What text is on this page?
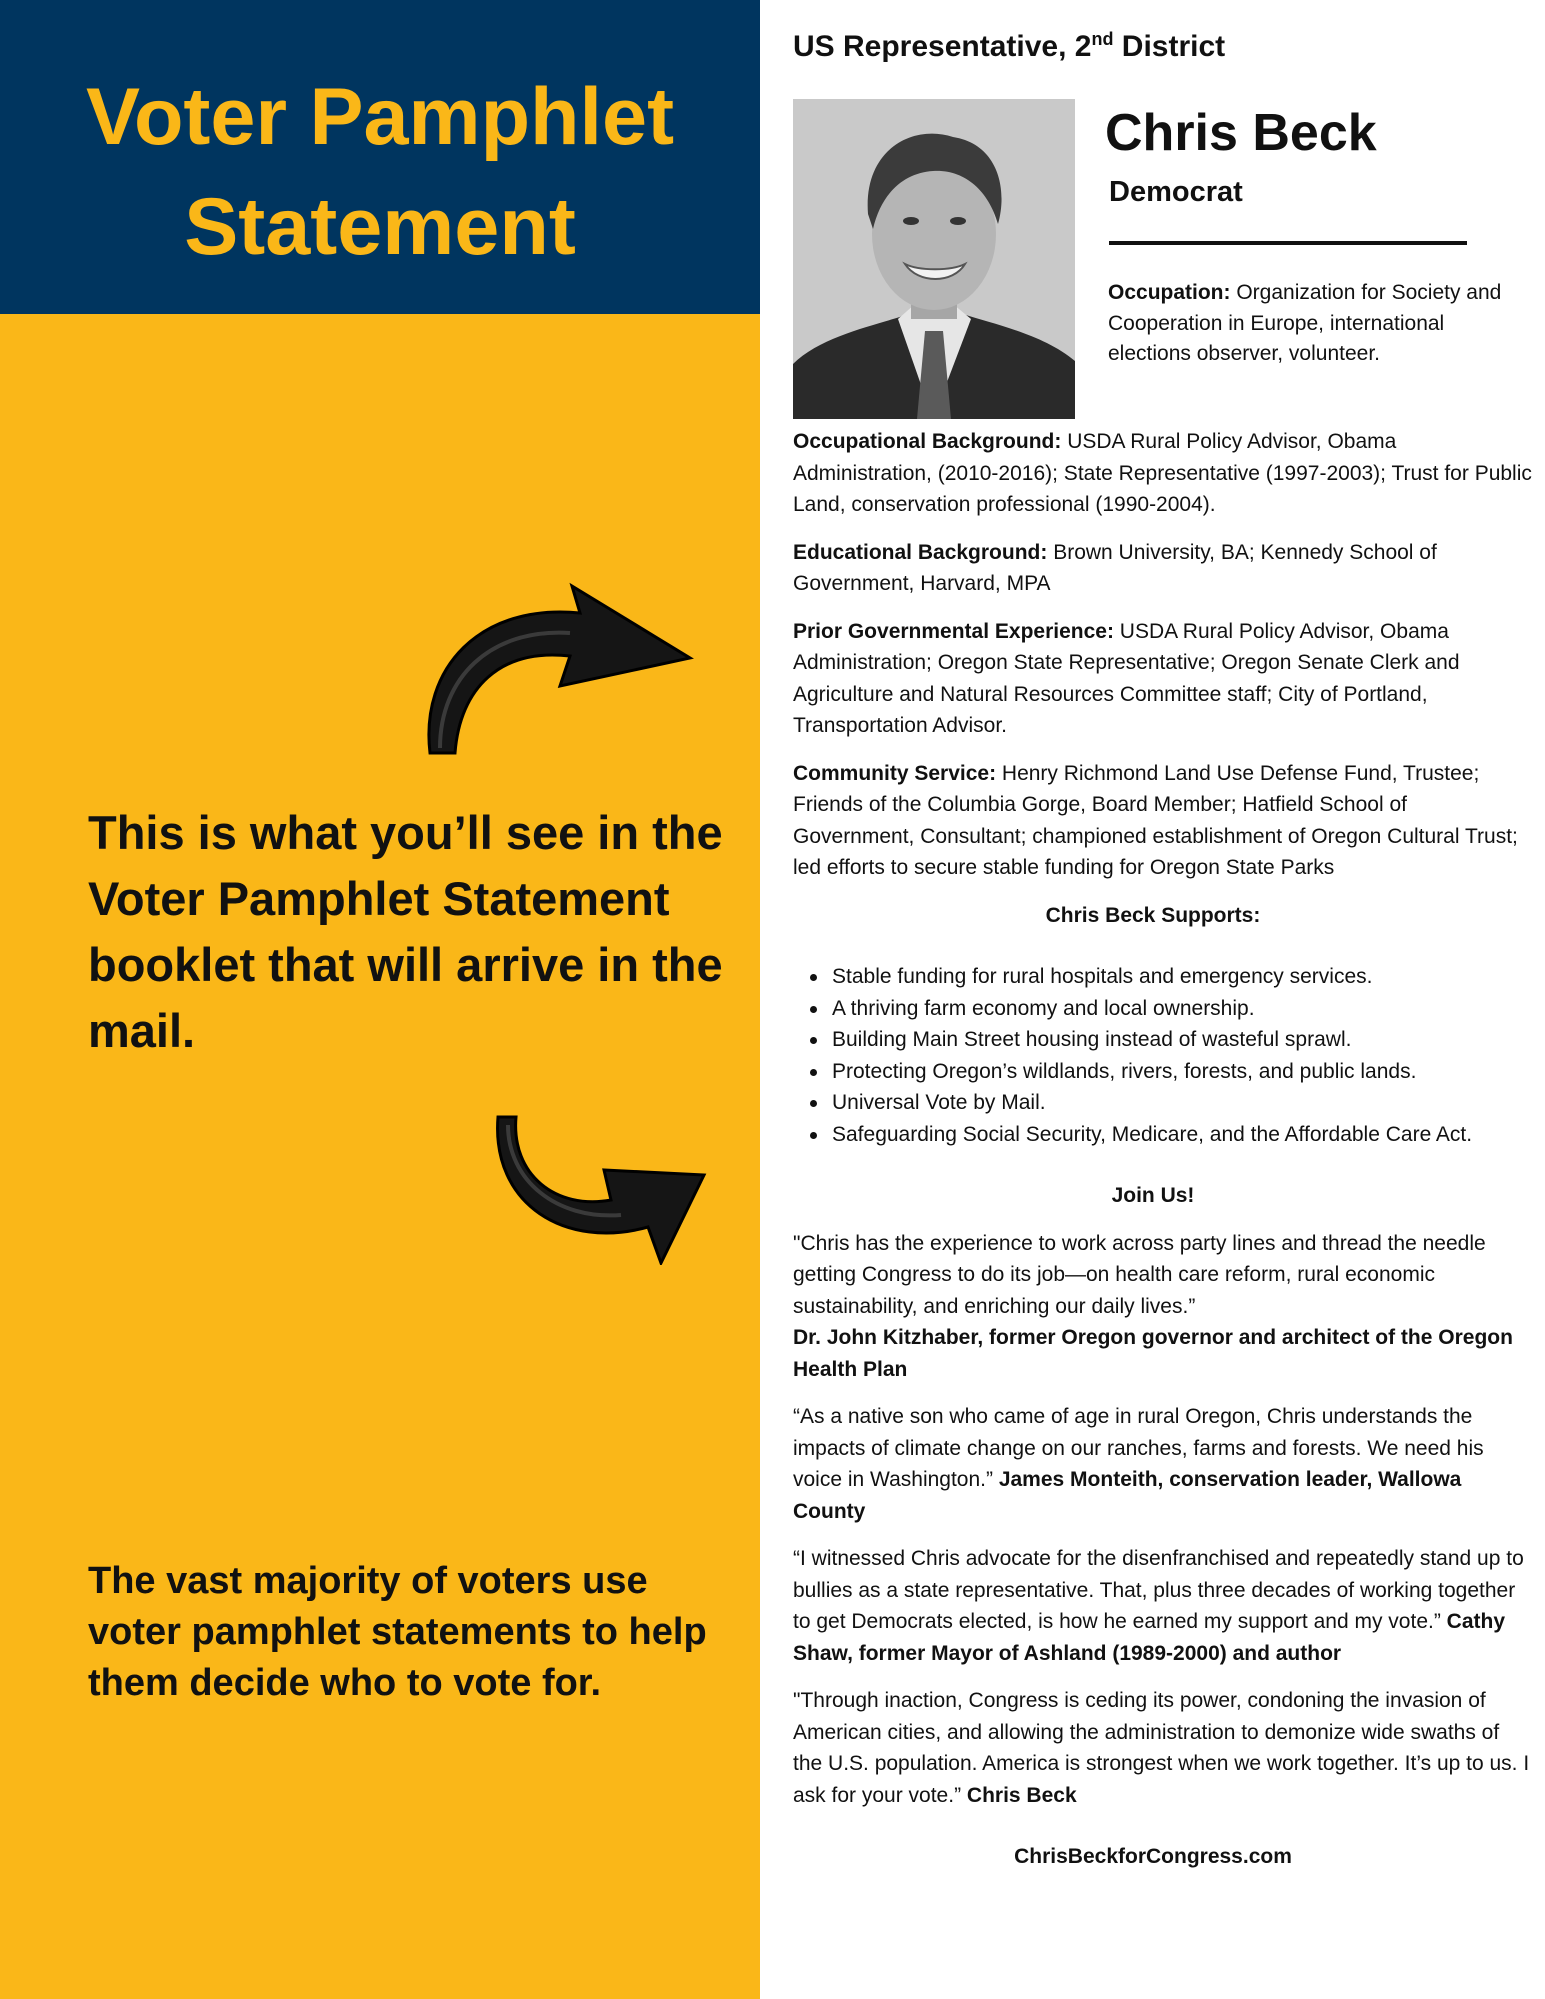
Voter Pamphlet
Statement
This is what you’ll see in the Voter Pamphlet Statement booklet that will arrive in the mail.
The vast majority of voters use voter pamphlet statements to help them decide who to vote for.
US Representative, 2nd District
Chris Beck
Democrat
Occupation: Organization for Society and Cooperation in Europe, international elections observer, volunteer.
Occupational Background: USDA Rural Policy Advisor, Obama Administration, (2010-2016); State Representative (1997-2003); Trust for Public Land, conservation professional (1990-2004).
Educational Background: Brown University, BA; Kennedy School of Government, Harvard, MPA
Prior Governmental Experience: USDA Rural Policy Advisor, Obama Administration; Oregon State Representative; Oregon Senate Clerk and Agriculture and Natural Resources Committee staff; City of Portland, Transportation Advisor.
Community Service: Henry Richmond Land Use Defense Fund, Trustee; Friends of the Columbia Gorge, Board Member; Hatfield School of Government, Consultant; championed establishment of Oregon Cultural Trust; led efforts to secure stable funding for Oregon State Parks
Chris Beck Supports:
Stable funding for rural hospitals and emergency services.
A thriving farm economy and local ownership.
Building Main Street housing instead of wasteful sprawl.
Protecting Oregon’s wildlands, rivers, forests, and public lands.
Universal Vote by Mail.
Safeguarding Social Security, Medicare, and the Affordable Care Act.
Join Us!
"Chris has the experience to work across party lines and thread the needle getting Congress to do its job—on health care reform, rural economic sustainability, and enriching our daily lives.”
Dr. John Kitzhaber, former Oregon governor and architect of the Oregon Health Plan
“As a native son who came of age in rural Oregon, Chris understands the impacts of climate change on our ranches, farms and forests. We need his voice in Washington.” James Monteith, conservation leader, Wallowa County
“I witnessed Chris advocate for the disenfranchised and repeatedly stand up to bullies as a state representative. That, plus three decades of working together to get Democrats elected, is how he earned my support and my vote.” Cathy Shaw, former Mayor of Ashland (1989-2000) and author
"Through inaction, Congress is ceding its power, condoning the invasion of American cities, and allowing the administration to demonize wide swaths of the U.S. population. America is strongest when we work together. It’s up to us. I ask for your vote.” Chris Beck
ChrisBeckforCongress.com
